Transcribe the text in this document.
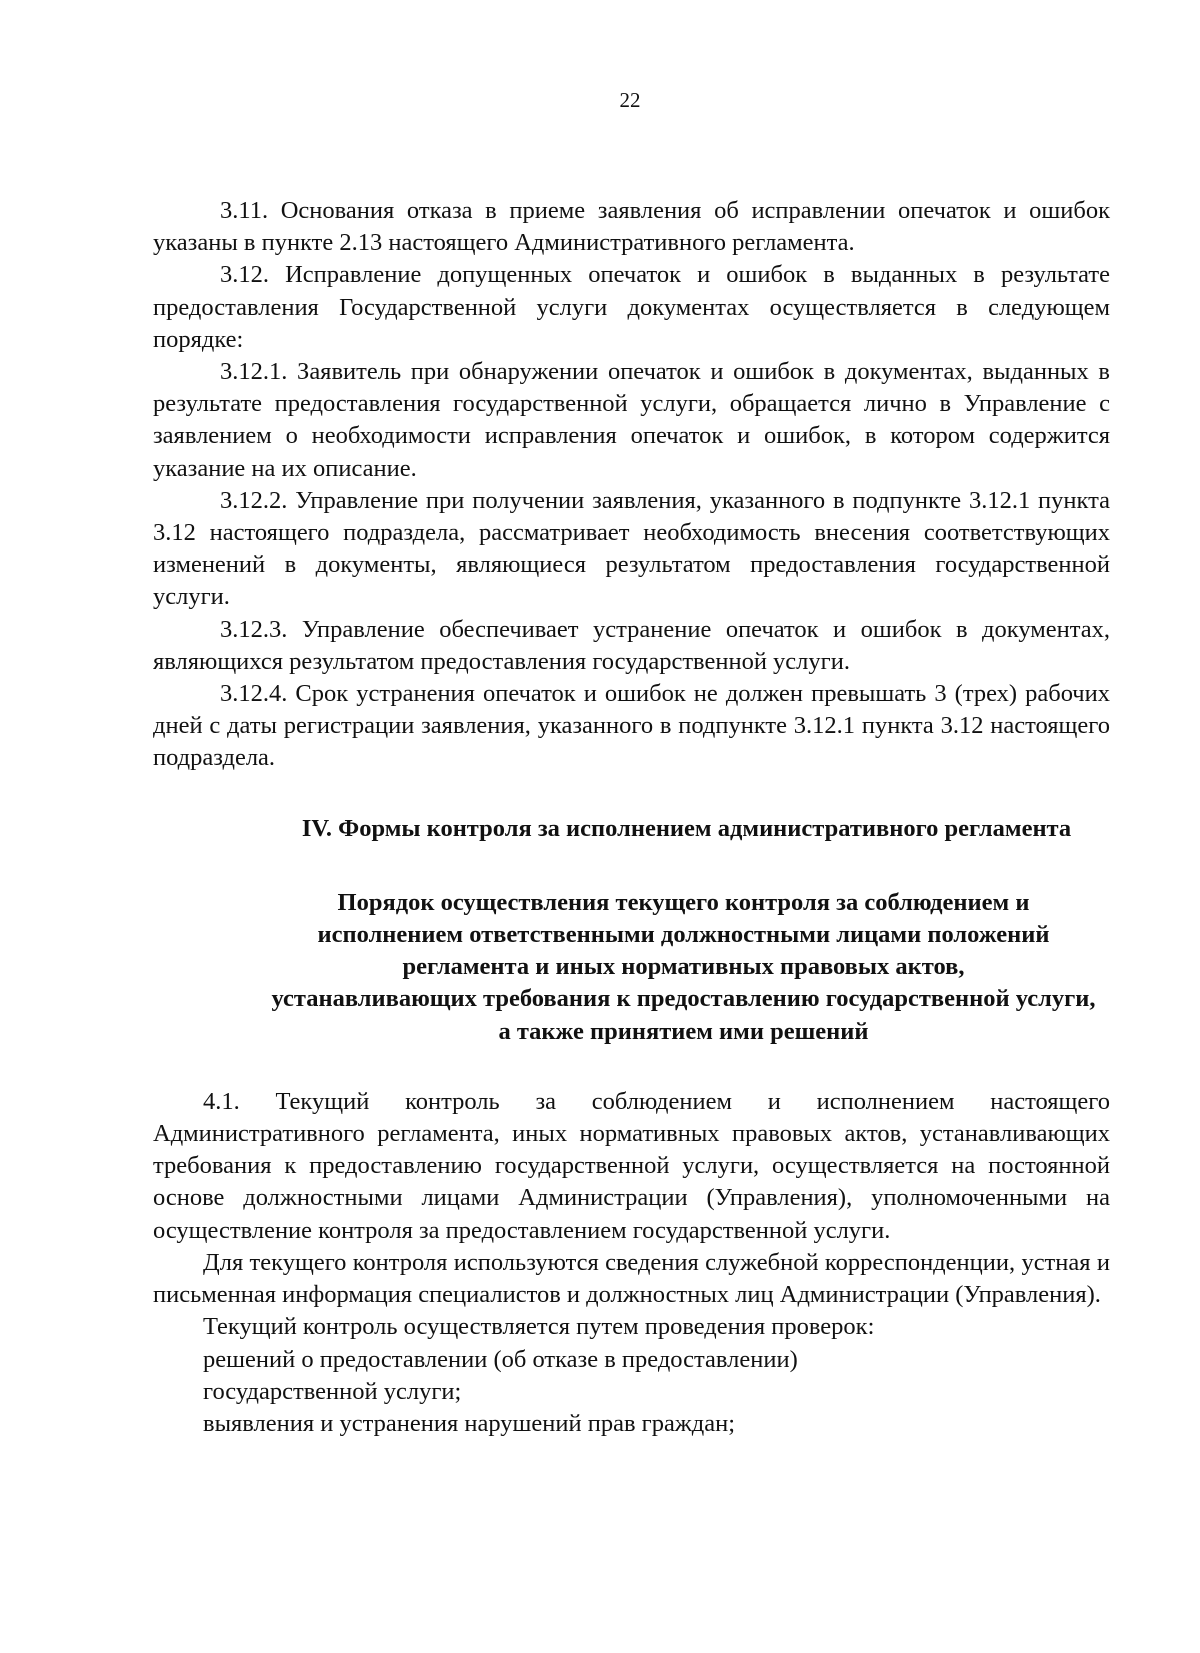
22

3.11. Основания отказа в приеме заявления об исправлении опечаток и ошибок указаны в пункте 2.13 настоящего Административного регламента.

3.12. Исправление допущенных опечаток и ошибок в выданных в результате предоставления Государственной услуги документах осуществляется в следующем порядке:

3.12.1. Заявитель при обнаружении опечаток и ошибок в документах, выданных в результате предоставления государственной услуги, обращается лично в Управление с заявлением о необходимости исправления опечаток и ошибок, в котором содержится указание на их описание.

3.12.2. Управление при получении заявления, указанного в подпункте 3.12.1 пункта 3.12 настоящего подраздела, рассматривает необходимость внесения соответствующих изменений в документы, являющиеся результатом предоставления государственной услуги.

3.12.3. Управление обеспечивает устранение опечаток и ошибок в документах, являющихся результатом предоставления государственной услуги.

3.12.4. Срок устранения опечаток и ошибок не должен превышать 3 (трех) рабочих дней с даты регистрации заявления, указанного в подпункте 3.12.1 пункта 3.12 настоящего подраздела.

IV. Формы контроля за исполнением административного регламента
Порядок осуществления текущего контроля за соблюдением и
исполнением ответственными должностными лицами положений
регламента и иных нормативных правовых актов,
устанавливающих требования к предоставлению государственной услуги,
а также принятием ими решений

4.1. Текущий контроль за соблюдением и исполнением настоящего Административного регламента, иных нормативных правовых актов, устанавливающих требования к предоставлению государственной услуги, осуществляется на постоянной основе должностными лицами Администрации (Управления), уполномоченными на осуществление контроля за предоставлением государственной услуги.

Для текущего контроля используются сведения служебной корреспонденции, устная и письменная информация специалистов и должностных лиц Администрации (Управления).

Текущий контроль осуществляется путем проведения проверок:

решений о предоставлении (об отказе в предоставлении) государственной услуги;

выявления и устранения нарушений прав граждан;
